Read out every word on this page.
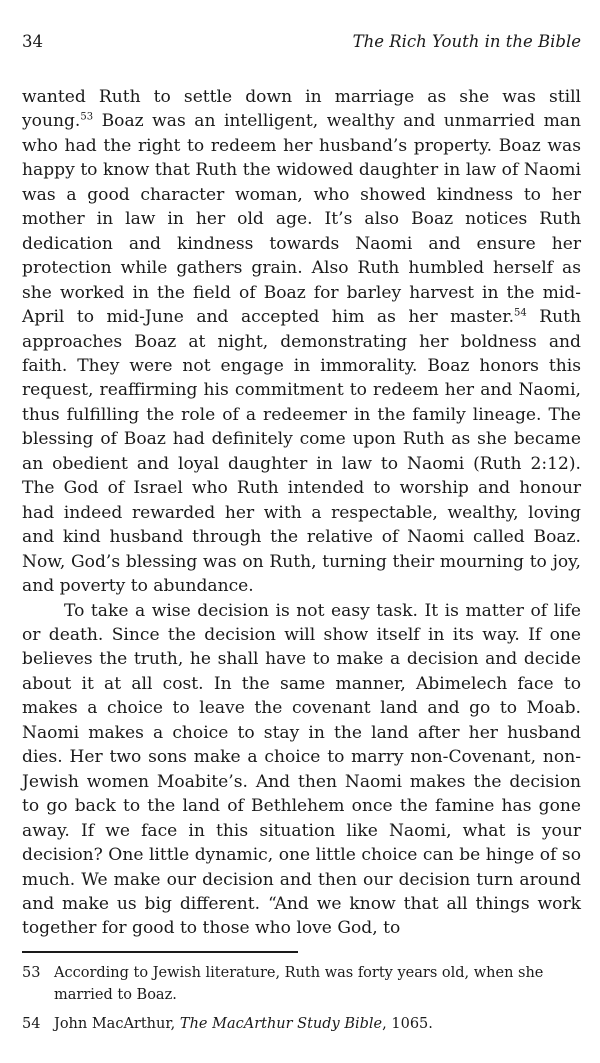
34	The Rich Youth in the Bible

wanted Ruth to settle down in marriage as she was still young.$^{53}$ Boaz was an intelligent, wealthy and unmarried man who had the right to redeem her husband’s property. Boaz was happy to know that Ruth the widowed daughter in law of Naomi was a good character woman, who showed kindness to her mother in law in her old age. It’s also Boaz notices Ruth dedication and kindness towards Naomi and ensure her protection while gathers grain. Also Ruth humbled herself as she worked in the field of Boaz for barley harvest in the mid-April to mid-June and accepted him as her master.$^{54}$ Ruth approaches Boaz at night, demonstrating her boldness and faith. They were not engage in immorality. Boaz honors this request, reaffirming his commitment to redeem her and Naomi, thus fulfilling the role of a redeemer in the family lineage. The blessing of Boaz had definitely come upon Ruth as she became an obedient and loyal daughter in law to Naomi (Ruth 2:12). The God of Israel who Ruth intended to worship and honour had indeed rewarded her with a respectable, wealthy, loving and kind husband through the relative of Naomi called Boaz. Now, God’s blessing was on Ruth, turning their mourning to joy, and poverty to abundance.

To take a wise decision is not easy task. It is matter of life or death. Since the decision will show itself in its way. If one believes the truth, he shall have to make a decision and decide about it at all cost. In the same manner, Abimelech face to makes a choice to leave the covenant land and go to Moab. Naomi makes a choice to stay in the land after her husband dies. Her two sons make a choice to marry non-Covenant, non-Jewish women Moabite’s. And then Naomi makes the decision to go back to the land of Bethlehem once the famine has gone away. If we face in this situation like Naomi, what is your decision? One little dynamic, one little choice can be hinge of so much. We make our decision and then our decision turn around and make us big different. “And we know that all things work together for good to those who love God, to

53 According to Jewish literature, Ruth was forty years old, when she married to Boaz.
54 John MacArthur, The MacArthur Study Bible, 1065.
